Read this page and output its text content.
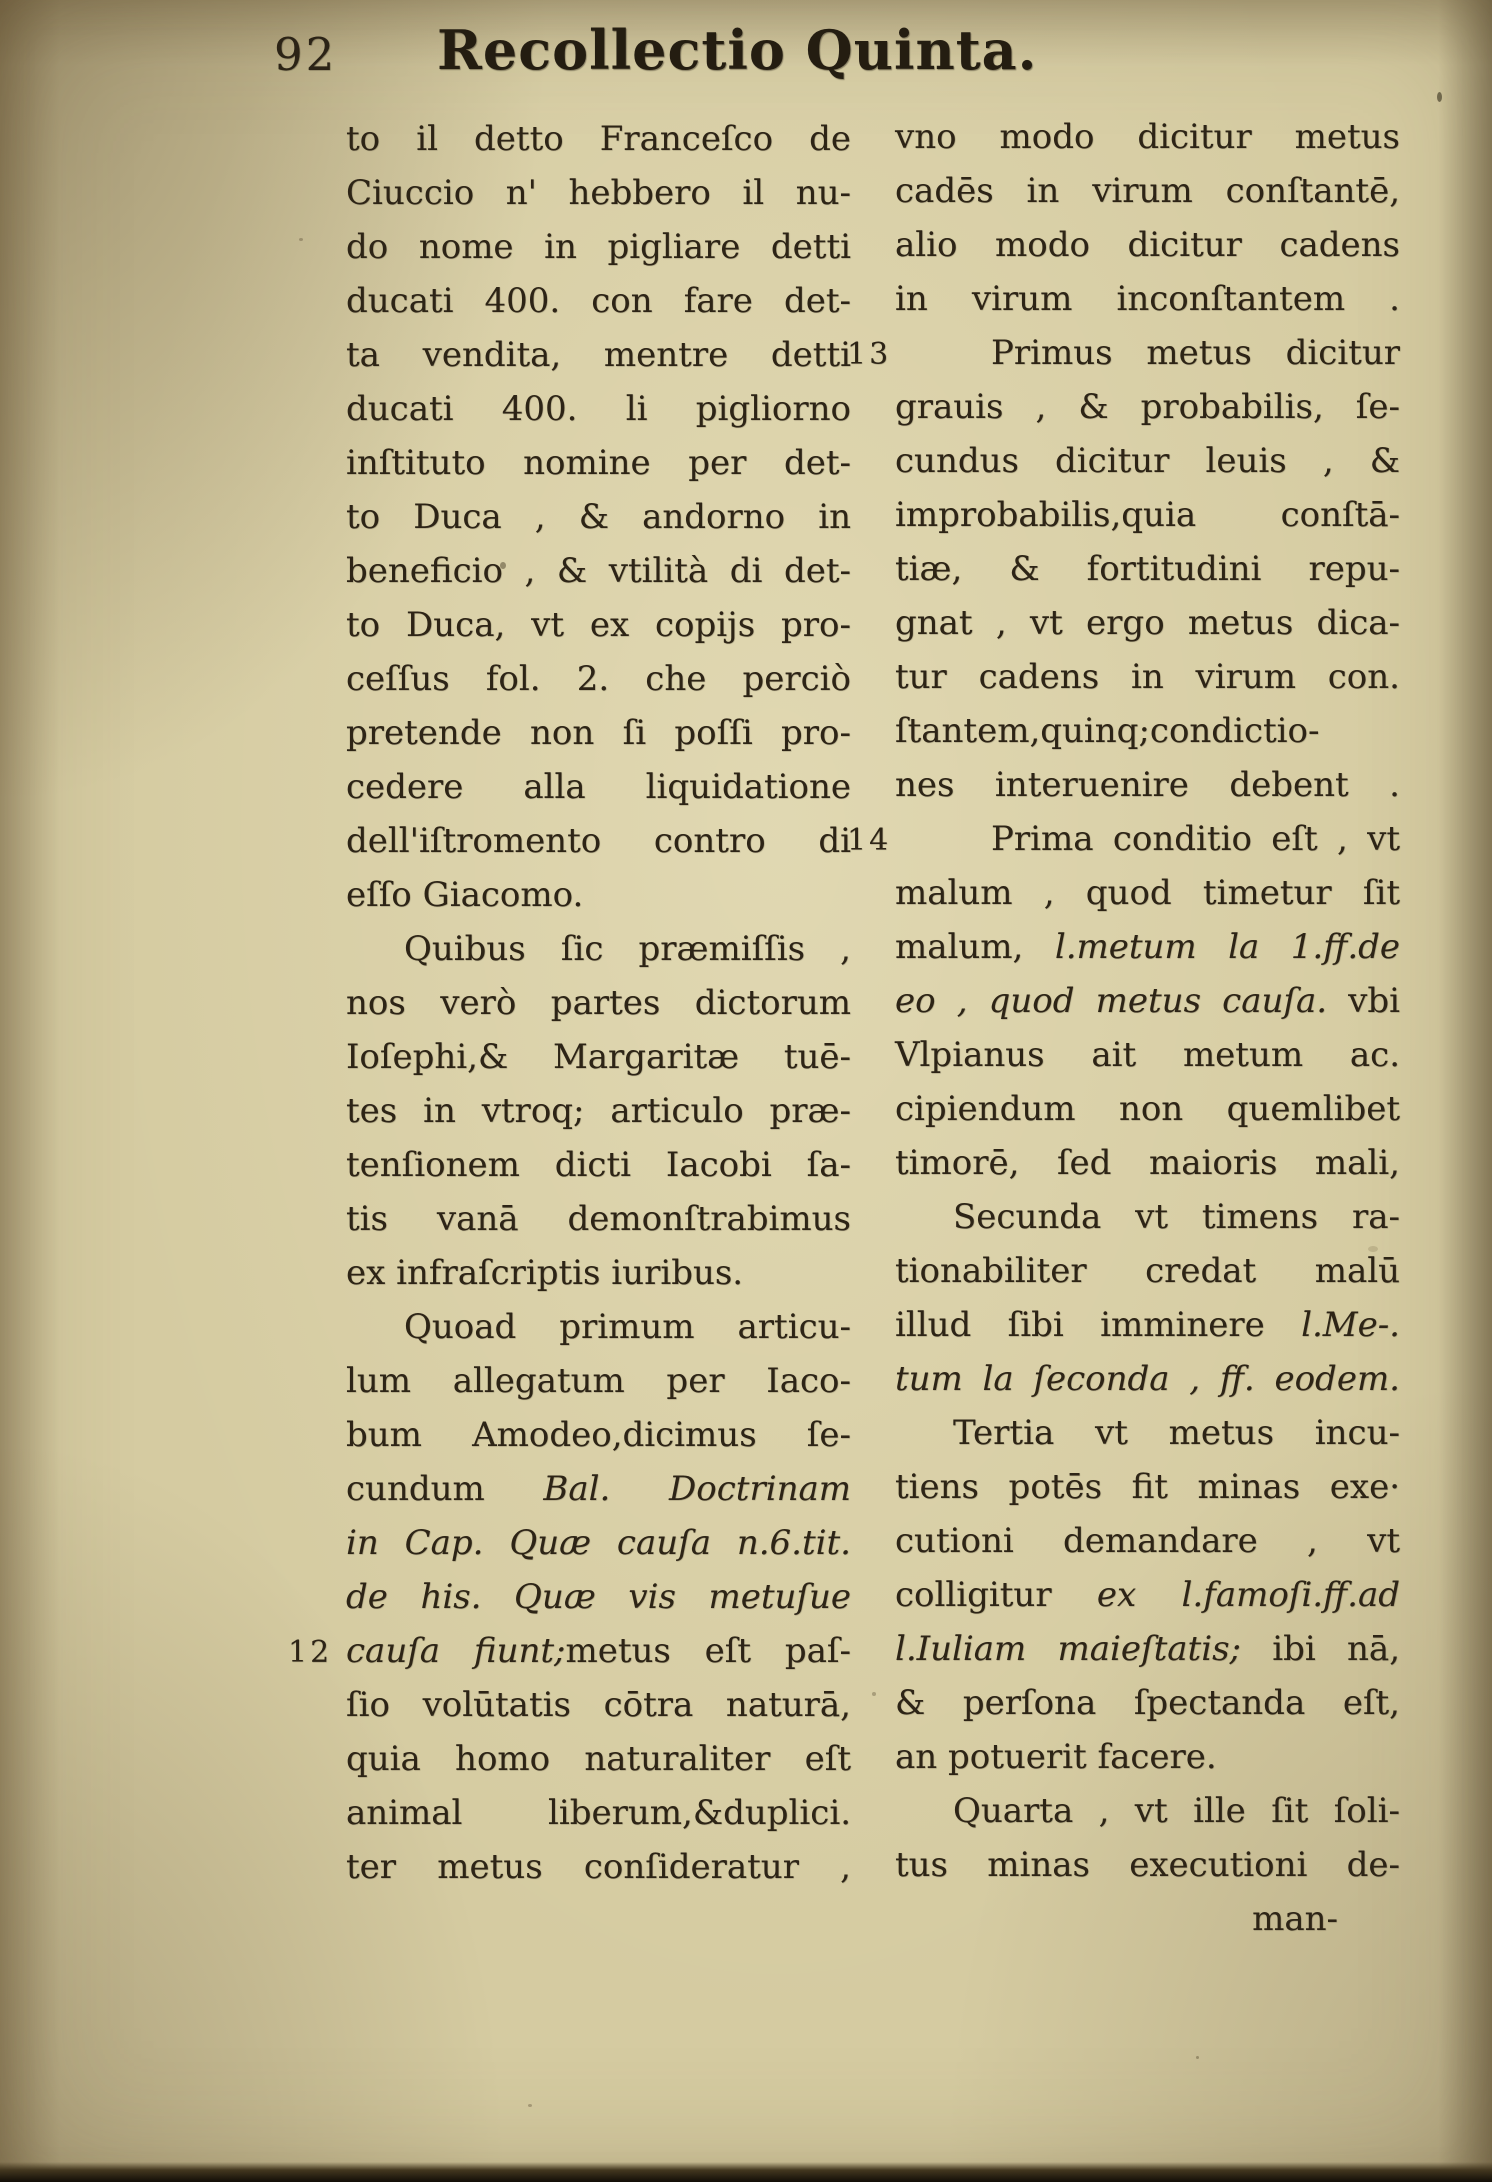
92 Recollectio Quinta.
to il detto Franceſco de
Ciuccio n' hebbero il nu-
do nome in pigliare detti
ducati 400. con fare det-
ta vendita, mentre detti
ducati 400. li pigliorno
inſtituto nomine per det-
to Duca , & andorno in
beneficio , & vtilità di det-
to Duca, vt ex copijs pro-
ceſſus fol. 2. che perciò
pretende non ſi poſſi pro-
cedere alla liquidatione
dell'iſtromento contro di
eſſo Giacomo.
Quibus ſic præmiſſis ,
nos verò partes dictorum
Ioſephi,& Margaritæ tuē-
tes in vtroq; articulo præ-
tenſionem dicti Iacobi ſa-
tis vanā demonſtrabimus
ex infraſcriptis iuribus.
Quoad primum articu-
lum allegatum per Iaco-
bum Amodeo,dicimus ſe-
cundum Bal. Doctrinam
in Cap. Quæ cauſa n.6.tit.
de his. Quæ vis metuſue
12 cauſa fiunt;metus eſt paſ-
ſio volūtatis cōtra naturā,
quia homo naturaliter eſt
animal liberum,&duplici.
ter metus conſideratur ,
vno modo dicitur metus
cadēs in virum conſtantē,
alio modo dicitur cadens
in virum inconſtantem .
13	Primus metus dicitur
grauis , & probabilis, ſe-
cundus dicitur leuis , &
improbabilis,quia conſtā-
tiæ, & fortitudini repu-
gnat , vt ergo metus dica-
tur cadens in virum con.
ſtantem,quinq;condictio-
nes interuenire debent .
14	Prima conditio eſt , vt
malum , quod timetur ſit
malum, l.metum la 1.ff.de
eo , quod metus cauſa. vbi
Vlpianus ait metum ac.
cipiendum non quemlibet
timorē, ſed maioris mali,
Secunda vt timens ra-
tionabiliter credat malū
illud ſibi imminere l.Me-.
tum la ſeconda , ff. eodem.
Tertia vt metus incu-
tiens potēs fit minas exe·
cutioni demandare , vt
colligitur ex l.famoſi.ff.ad
l.Iuliam maieſtatis; ibi nā,
& perſona ſpectanda eſt,
an potuerit facere.
Quarta , vt ille ſit ſoli-
tus minas executioni de-
man-
